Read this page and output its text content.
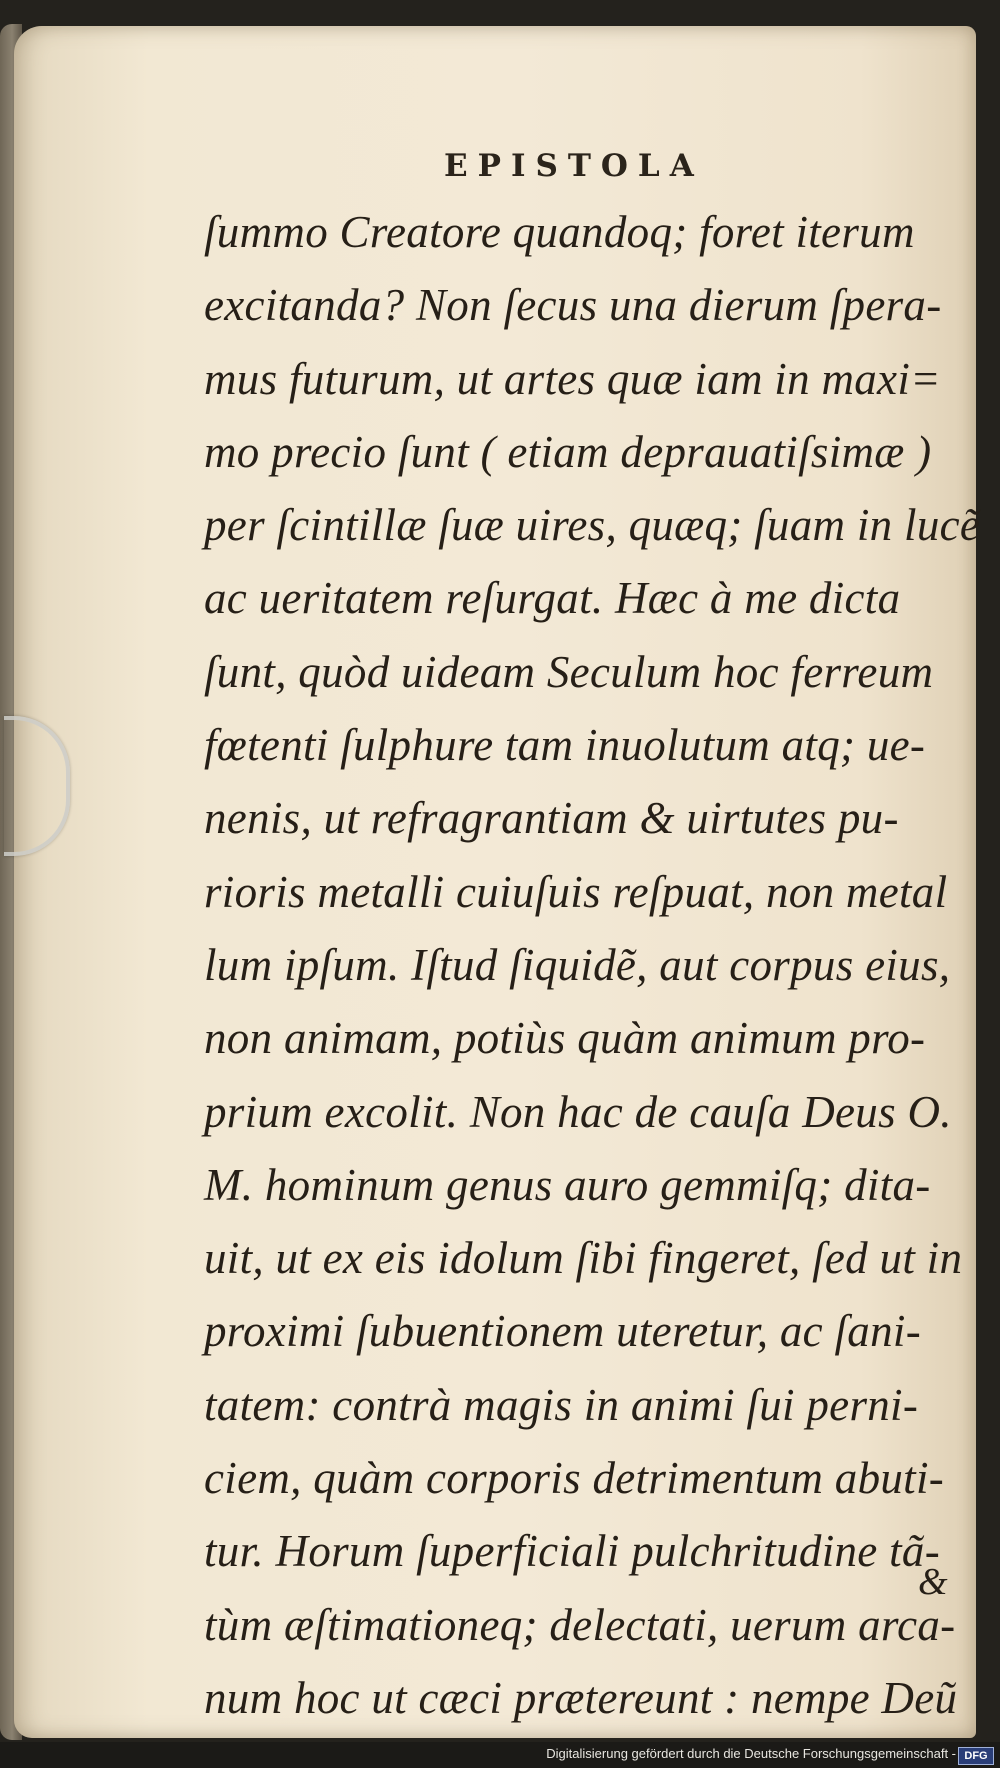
EPISTOLA
ſummo Creatore quandoq; foret iterum
excitanda? Non ſecus una dierum ſpera-
mus futurum, ut artes quæ iam in maxi=
mo precio ſunt ( etiam deprauatiſsimæ )
per ſcintillæ ſuæ uires, quæq; ſuam in lucẽ
ac ueritatem reſurgat. Hæc à me dicta
ſunt, quòd uideam Seculum hoc ferreum
fœtenti ſulphure tam inuolutum atq; ue-
nenis, ut refragrantiam & uirtutes pu-
rioris metalli cuiuſuis reſpuat, non metal
lum ipſum. Iſtud ſiquidẽ, aut corpus eius,
non animam, potiùs quàm animum pro-
prium excolit. Non hac de cauſa Deus O.
M. hominum genus auro gemmiſq; dita-
uit, ut ex eis idolum ſibi fingeret, ſed ut in
proximi ſubuentionem uteretur, ac ſani-
tatem: contrà magis in animi ſui perni-
ciem, quàm corporis detrimentum abuti-
tur. Horum ſuperficiali pulchritudine tã-
tùm æſtimationeq; delectati, uerum arca-
num hoc ut cæci prætereunt : nempe Deũ
&
Digitalisierung gefördert durch die Deutsche Forschungsgemeinschaft - DFG
